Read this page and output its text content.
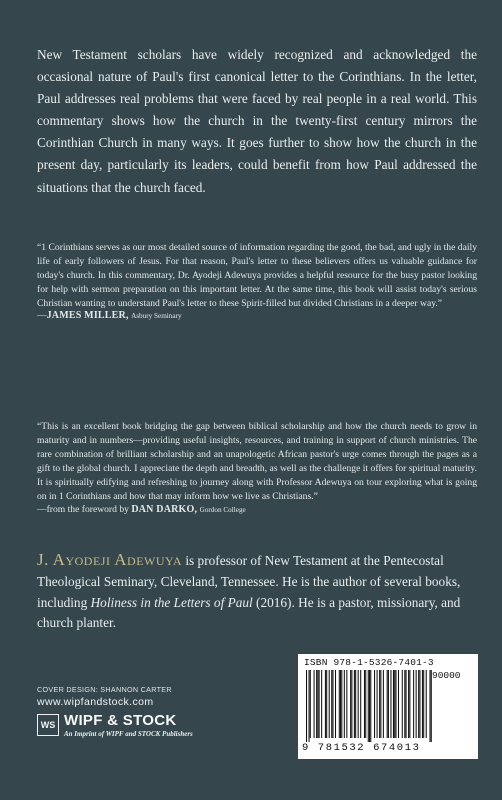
New Testament scholars have widely recognized and acknowledged the occasional nature of Paul's first canonical letter to the Corinthians. In the letter, Paul addresses real problems that were faced by real people in a real world. This commentary shows how the church in the twenty-first century mirrors the Corinthian Church in many ways. It goes further to show how the church in the present day, particularly its leaders, could benefit from how Paul addressed the situations that the church faced.

“1 Corinthians serves as our most detailed source of information regarding the good, the bad, and ugly in the daily life of early followers of Jesus. For that reason, Paul's letter to these believers offers us valuable guidance for today's church. In this commentary, Dr. Ayodeji Adewuya provides a helpful resource for the busy pastor looking for help with sermon preparation on this important letter. At the same time, this book will assist today's serious Christian wanting to understand Paul's letter to these Spirit-filled but divided Christians in a deeper way.”

—JAMES MILLER, Asbury Seminary

“This is an excellent book bridging the gap between biblical scholarship and how the church needs to grow in maturity and in numbers—providing useful insights, resources, and training in support of church ministries. The rare combination of brilliant scholarship and an unapologetic African pastor's urge comes through the pages as a gift to the global church. I appreciate the depth and breadth, as well as the challenge it offers for spiritual maturity. It is spiritually edifying and refreshing to journey along with Professor Adewuya on tour exploring what is going on in 1 Corinthians and how that may inform how we live as Christians.”

—from the foreword by DAN DARKO, Gordon College

J. Ayodeji Adewuya is professor of New Testament at the Pentecostal Theological Seminary, Cleveland, Tennessee. He is the author of several books, including Holiness in the Letters of Paul (2016). He is a pastor, missionary, and church planter.

COVER DESIGN: SHANNON CARTER
www.wipfandstock.com
WS WIPF & STOCK
An Imprint of WIPF and STOCK Publishers
ISBN 978-1-5326-7401-3
90000
9 781532 674013
